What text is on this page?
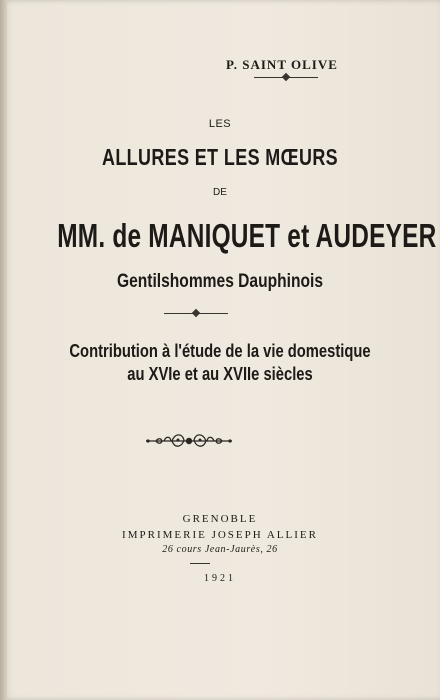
P. SAINT OLIVE
LES
ALLURES ET LES MŒURS
DE
MM. de MANIQUET et AUDEYER
Gentilshommes Dauphinois
Contribution à l'étude de la vie domestique
au XVIe et au XVIIe siècles
GRENOBLE
IMPRIMERIE JOSEPH ALLIER
26 cours Jean-Jaurès, 26
1921
